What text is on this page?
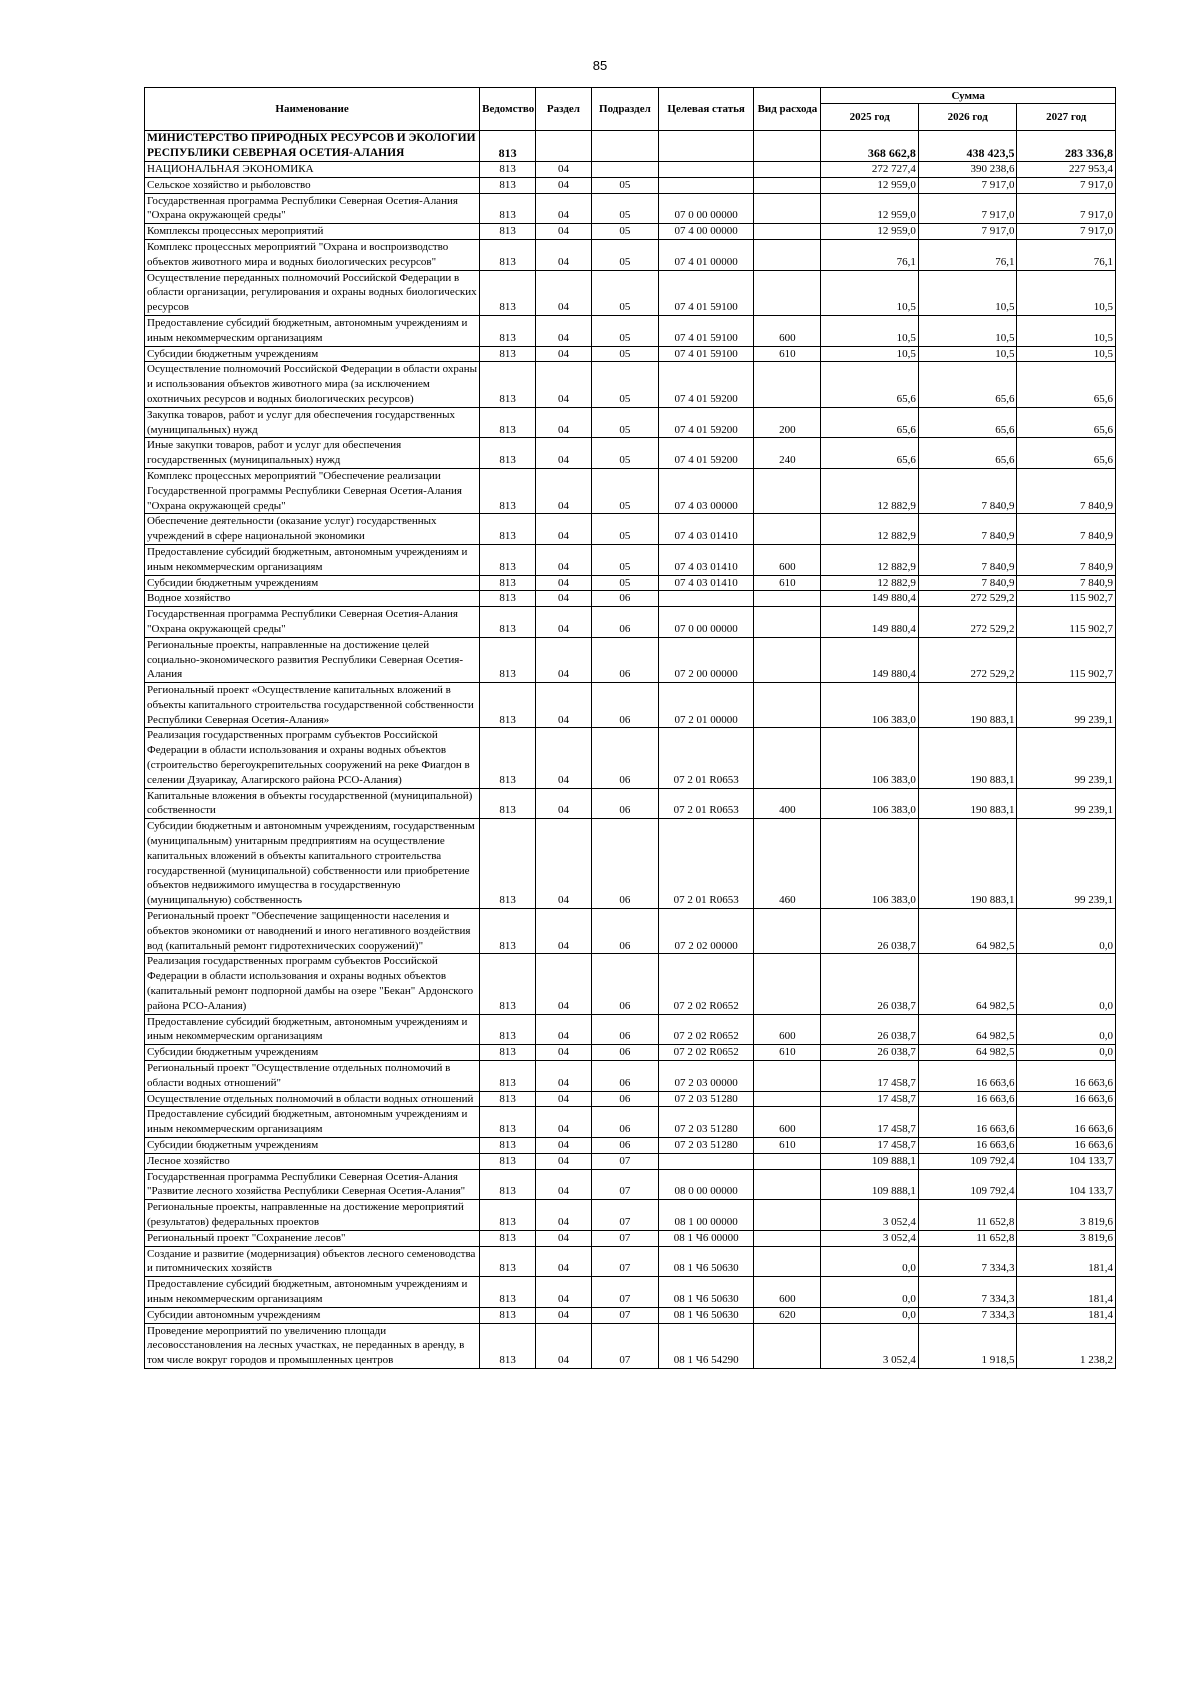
85
Наименование	Ведомство	Раздел	Подраздел	Целевая статья	Вид расхода	Сумма		
						2025 год	2026 год	2027 год
МИНИСТЕРСТВО ПРИРОДНЫХ РЕСУРСОВ И ЭКОЛОГИИ РЕСПУБЛИКИ СЕВЕРНАЯ ОСЕТИЯ-АЛАНИЯ	813					368 662,8	438 423,5	283 336,8
НАЦИОНАЛЬНАЯ ЭКОНОМИКА	813	04				272 727,4	390 238,6	227 953,4
Сельское хозяйство и рыболовство	813	04	05			12 959,0	7 917,0	7 917,0
Государственная программа Республики Северная Осетия-Алания "Охрана окружающей среды"	813	04	05	07 0 00 00000		12 959,0	7 917,0	7 917,0
Комплексы процессных мероприятий	813	04	05	07 4 00 00000		12 959,0	7 917,0	7 917,0
Комплекс процессных мероприятий "Охрана и воспроизводство объектов животного мира и водных биологических ресурсов"	813	04	05	07 4 01 00000		76,1	76,1	76,1
Осуществление переданных полномочий Российской Федерации в области организации, регулирования и охраны водных биологических ресурсов	813	04	05	07 4 01 59100		10,5	10,5	10,5
Предоставление субсидий бюджетным, автономным учреждениям и иным некоммерческим организациям	813	04	05	07 4 01 59100	600	10,5	10,5	10,5
Субсидии бюджетным учреждениям	813	04	05	07 4 01 59100	610	10,5	10,5	10,5
Осуществление полномочий Российской Федерации в области охраны и использования объектов животного мира (за исключением охотничьих ресурсов и водных биологических ресурсов)	813	04	05	07 4 01 59200		65,6	65,6	65,6
Закупка товаров, работ и услуг для обеспечения государственных (муниципальных) нужд	813	04	05	07 4 01 59200	200	65,6	65,6	65,6
Иные закупки товаров, работ и услуг для обеспечения государственных (муниципальных) нужд	813	04	05	07 4 01 59200	240	65,6	65,6	65,6
Комплекс процессных мероприятий "Обеспечение реализации Государственной программы Республики Северная Осетия-Алания "Охрана окружающей среды"	813	04	05	07 4 03 00000		12 882,9	7 840,9	7 840,9
Обеспечение деятельности (оказание услуг) государственных учреждений в сфере национальной экономики	813	04	05	07 4 03 01410		12 882,9	7 840,9	7 840,9
Предоставление субсидий бюджетным, автономным учреждениям и иным некоммерческим организациям	813	04	05	07 4 03 01410	600	12 882,9	7 840,9	7 840,9
Субсидии бюджетным учреждениям	813	04	05	07 4 03 01410	610	12 882,9	7 840,9	7 840,9
Водное хозяйство	813	04	06			149 880,4	272 529,2	115 902,7
Государственная программа Республики Северная Осетия-Алания "Охрана окружающей среды"	813	04	06	07 0 00 00000		149 880,4	272 529,2	115 902,7
Региональные проекты, направленные на достижение целей социально-экономического развития Республики Северная Осетия-Алания	813	04	06	07 2 00 00000		149 880,4	272 529,2	115 902,7
Региональный проект «Осуществление капитальных вложений в объекты капитального строительства государственной собственности Республики Северная Осетия-Алания»	813	04	06	07 2 01 00000		106 383,0	190 883,1	99 239,1
Реализация государственных программ субъектов Российской Федерации в области использования и охраны водных объектов (строительство берегоукрепительных сооружений на реке Фиагдон в селении Дзуарикау, Алагирского района РСО-Алания)	813	04	06	07 2 01 R0653		106 383,0	190 883,1	99 239,1
Капитальные вложения в объекты государственной (муниципальной) собственности	813	04	06	07 2 01 R0653	400	106 383,0	190 883,1	99 239,1
Субсидии бюджетным и автономным учреждениям, государственным (муниципальным) унитарным предприятиям на осуществление капитальных вложений в объекты капитального строительства государственной (муниципальной) собственности или приобретение объектов недвижимого имущества в государственную (муниципальную) собственность	813	04	06	07 2 01 R0653	460	106 383,0	190 883,1	99 239,1
Региональный проект "Обеспечение защищенности населения и объектов экономики от наводнений и иного негативного воздействия вод (капитальный ремонт гидротехнических сооружений)"	813	04	06	07 2 02 00000		26 038,7	64 982,5	0,0
Реализация государственных программ субъектов Российской Федерации в области использования и охраны водных объектов (капитальный ремонт подпорной дамбы на озере "Бекан" Ардонского района РСО-Алания)	813	04	06	07 2 02 R0652		26 038,7	64 982,5	0,0
Предоставление субсидий бюджетным, автономным учреждениям и иным некоммерческим организациям	813	04	06	07 2 02 R0652	600	26 038,7	64 982,5	0,0
Субсидии бюджетным учреждениям	813	04	06	07 2 02 R0652	610	26 038,7	64 982,5	0,0
Региональный проект "Осуществление отдельных полномочий в области водных отношений"	813	04	06	07 2 03 00000		17 458,7	16 663,6	16 663,6
Осуществление отдельных полномочий в области водных отношений	813	04	06	07 2 03 51280		17 458,7	16 663,6	16 663,6
Предоставление субсидий бюджетным, автономным учреждениям и иным некоммерческим организациям	813	04	06	07 2 03 51280	600	17 458,7	16 663,6	16 663,6
Субсидии бюджетным учреждениям	813	04	06	07 2 03 51280	610	17 458,7	16 663,6	16 663,6
Лесное хозяйство	813	04	07			109 888,1	109 792,4	104 133,7
Государственная программа Республики Северная Осетия-Алания "Развитие лесного хозяйства Республики Северная Осетия-Алания"	813	04	07	08 0 00 00000		109 888,1	109 792,4	104 133,7
Региональные проекты, направленные на достижение мероприятий (результатов) федеральных проектов	813	04	07	08 1 00 00000		3 052,4	11 652,8	3 819,6
Региональный проект "Сохранение лесов"	813	04	07	08 1 Ч6 00000		3 052,4	11 652,8	3 819,6
Создание и развитие (модернизация) объектов лесного семеноводства и питомнических хозяйств	813	04	07	08 1 Ч6 50630		0,0	7 334,3	181,4
Предоставление субсидий бюджетным, автономным учреждениям и иным некоммерческим организациям	813	04	07	08 1 Ч6 50630	600	0,0	7 334,3	181,4
Субсидии автономным учреждениям	813	04	07	08 1 Ч6 50630	620	0,0	7 334,3	181,4
Проведение мероприятий по увеличению площади лесовосстановления на лесных участках, не переданных в аренду, в том числе вокруг городов и промышленных центров	813	04	07	08 1 Ч6 54290		3 052,4	1 918,5	1 238,2
